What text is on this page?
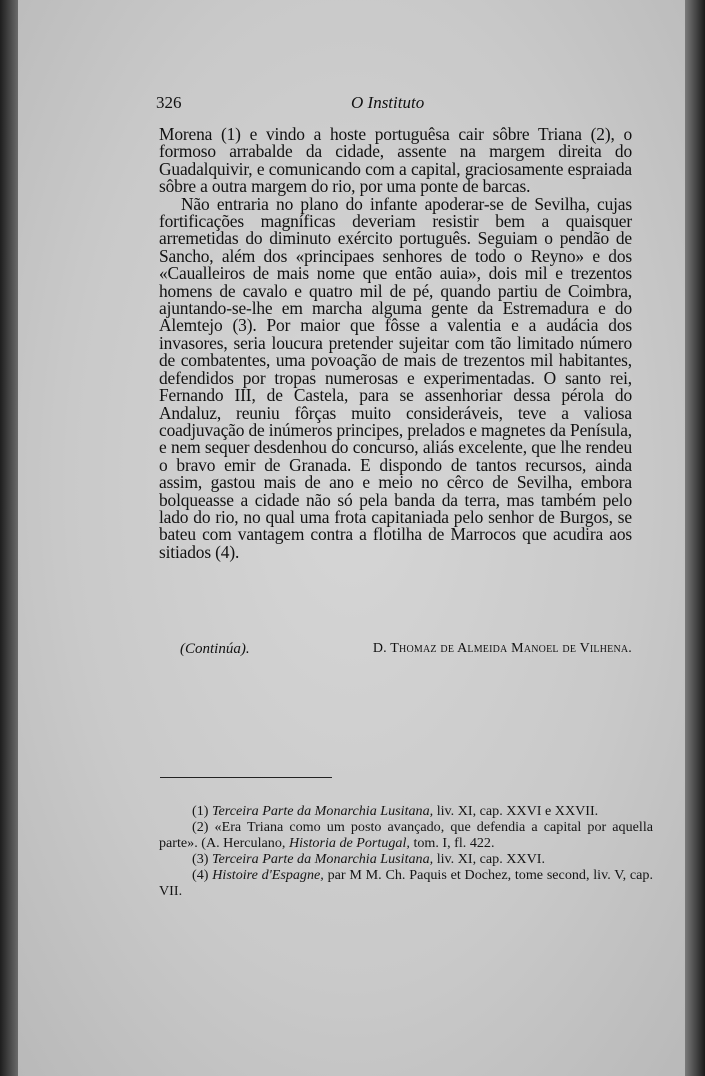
326	O Instituto

Morena (1) e vindo a hoste portuguêsa cair sôbre Triana (2), o formoso arrabalde da cidade, assente na margem direita do Guadalquivir, e comunicando com a capital, graciosamente espraiada sôbre a outra margem do rio, por uma ponte de barcas.

Não entraria no plano do infante apoderar-se de Sevilha, cujas fortificações magníficas deveriam resistir bem a quaisquer arremetidas do diminuto exército português. Seguiam o pendão de Sancho, além dos «principaes senhores de todo o Reyno» e dos «Caualleiros de mais nome que então auia», dois mil e trezentos homens de cavalo e quatro mil de pé, quando partiu de Coimbra, ajuntando-se-lhe em marcha alguma gente da Estremadura e do Alemtejo (3). Por maior que fôsse a valentia e a audácia dos invasores, seria loucura pretender sujeitar com tão limitado número de combatentes, uma povoação de mais de trezentos mil habitantes, defendidos por tropas numerosas e experimentadas. O santo rei, Fernando III, de Castela, para se assenhoriar dessa pérola do Andaluz, reuniu fôrças muito consideráveis, teve a valiosa coadjuvação de inúmeros principes, prelados e magnetes da Penísula, e nem sequer desdenhou do concurso, aliás excelente, que lhe rendeu o bravo emir de Granada. E dispondo de tantos recursos, ainda assim, gastou mais de ano e meio no cêrco de Sevilha, embora bolqueasse a cidade não só pela banda da terra, mas também pelo lado do rio, no qual uma frota capitaniada pelo senhor de Burgos, se bateu com vantagem contra a flotilha de Marrocos que acudira aos sitiados (4).

(Continúa).	D. Thomaz de Almeida Manoel de Vilhena.

(1) Terceira Parte da Monarchia Lusitana, liv. XI, cap. XXVI e XXVII.

(2) «Era Triana como um posto avançado, que defendia a capital por aquella parte». (A. Herculano, Historia de Portugal, tom. I, fl. 422.

(3) Terceira Parte da Monarchia Lusitana, liv. XI, cap. XXVI.

(4) Histoire d'Espagne, par M M. Ch. Paquis et Dochez, tome second, liv. V, cap. VII.
